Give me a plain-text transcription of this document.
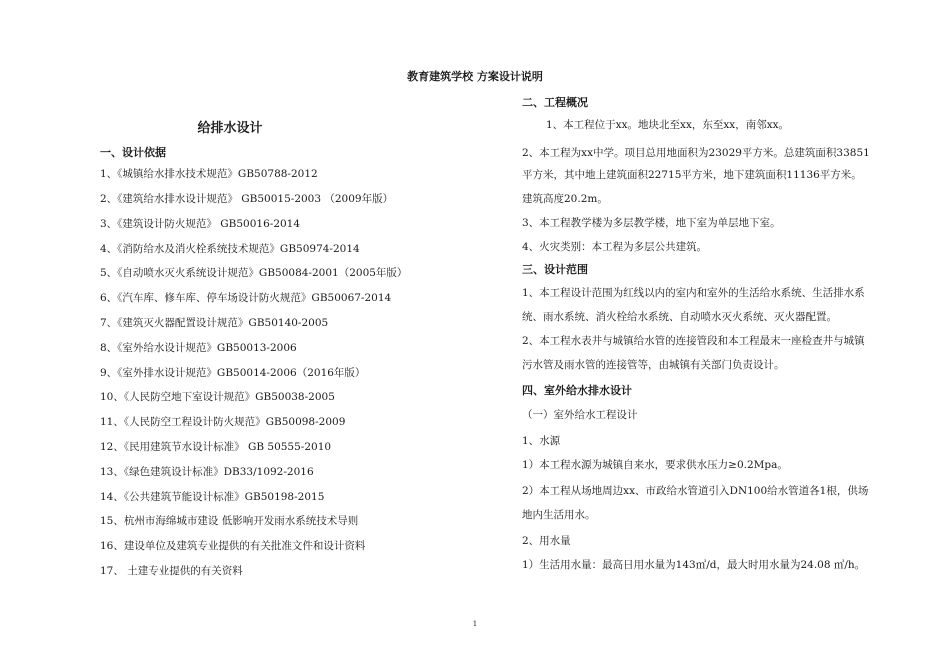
教育建筑学校 方案设计说明
给排水设计

一、设计依据

1、《城镇给水排水技术规范》GB50788-2012

2、《建筑给水排水设计规范》 GB50015-2003 （2009年版）

3、《建筑设计防火规范》 GB50016-2014

4、《消防给水及消火栓系统技术规范》GB50974-2014

5、《自动喷水灭火系统设计规范》GB50084-2001（2005年版）

6、《汽车库、修车库、停车场设计防火规范》GB50067-2014

7、《建筑灭火器配置设计规范》GB50140-2005

8、《室外给水设计规范》GB50013-2006

9、《室外排水设计规范》GB50014-2006（2016年版）

10、《人民防空地下室设计规范》GB50038-2005

11、《人民防空工程设计防火规范》GB50098-2009

12、《民用建筑节水设计标准》 GB 50555-2010

13、《绿色建筑设计标准》DB33/1092-2016

14、《公共建筑节能设计标准》GB50198-2015

15、杭州市海绵城市建设 低影响开发雨水系统技术导则

16、建设单位及建筑专业提供的有关批准文件和设计资料

17、 土建专业提供的有关资料

二、工程概况

1、本工程位于xx。地块北至xx，东至xx，南邻xx。

2、本工程为xx中学。项目总用地面积为23029平方米。总建筑面积33851

平方米，其中地上建筑面积22715平方米，地下建筑面积11136平方米。

建筑高度20.2m。

3、本工程教学楼为多层教学楼，地下室为单层地下室。

4、火灾类别：本工程为多层公共建筑。

三、设计范围

1、本工程设计范围为红线以内的室内和室外的生活给水系统、生活排水系

统、雨水系统、消火栓给水系统、自动喷水灭火系统、灭火器配置。

2、本工程水表井与城镇给水管的连接管段和本工程最末一座检查井与城镇

污水管及雨水管的连接管等，由城镇有关部门负责设计。

四、室外给水排水设计

（一）室外给水工程设计

1、水源

1）本工程水源为城镇自来水，要求供水压力≥0.2Mpa。

2）本工程从场地周边xx、市政给水管道引入DN100给水管道各1根，供场

地内生活用水。

2、用水量

1）生活用水量：最高日用水量为143㎥/d，最大时用水量为24.08 ㎥/h。

1
